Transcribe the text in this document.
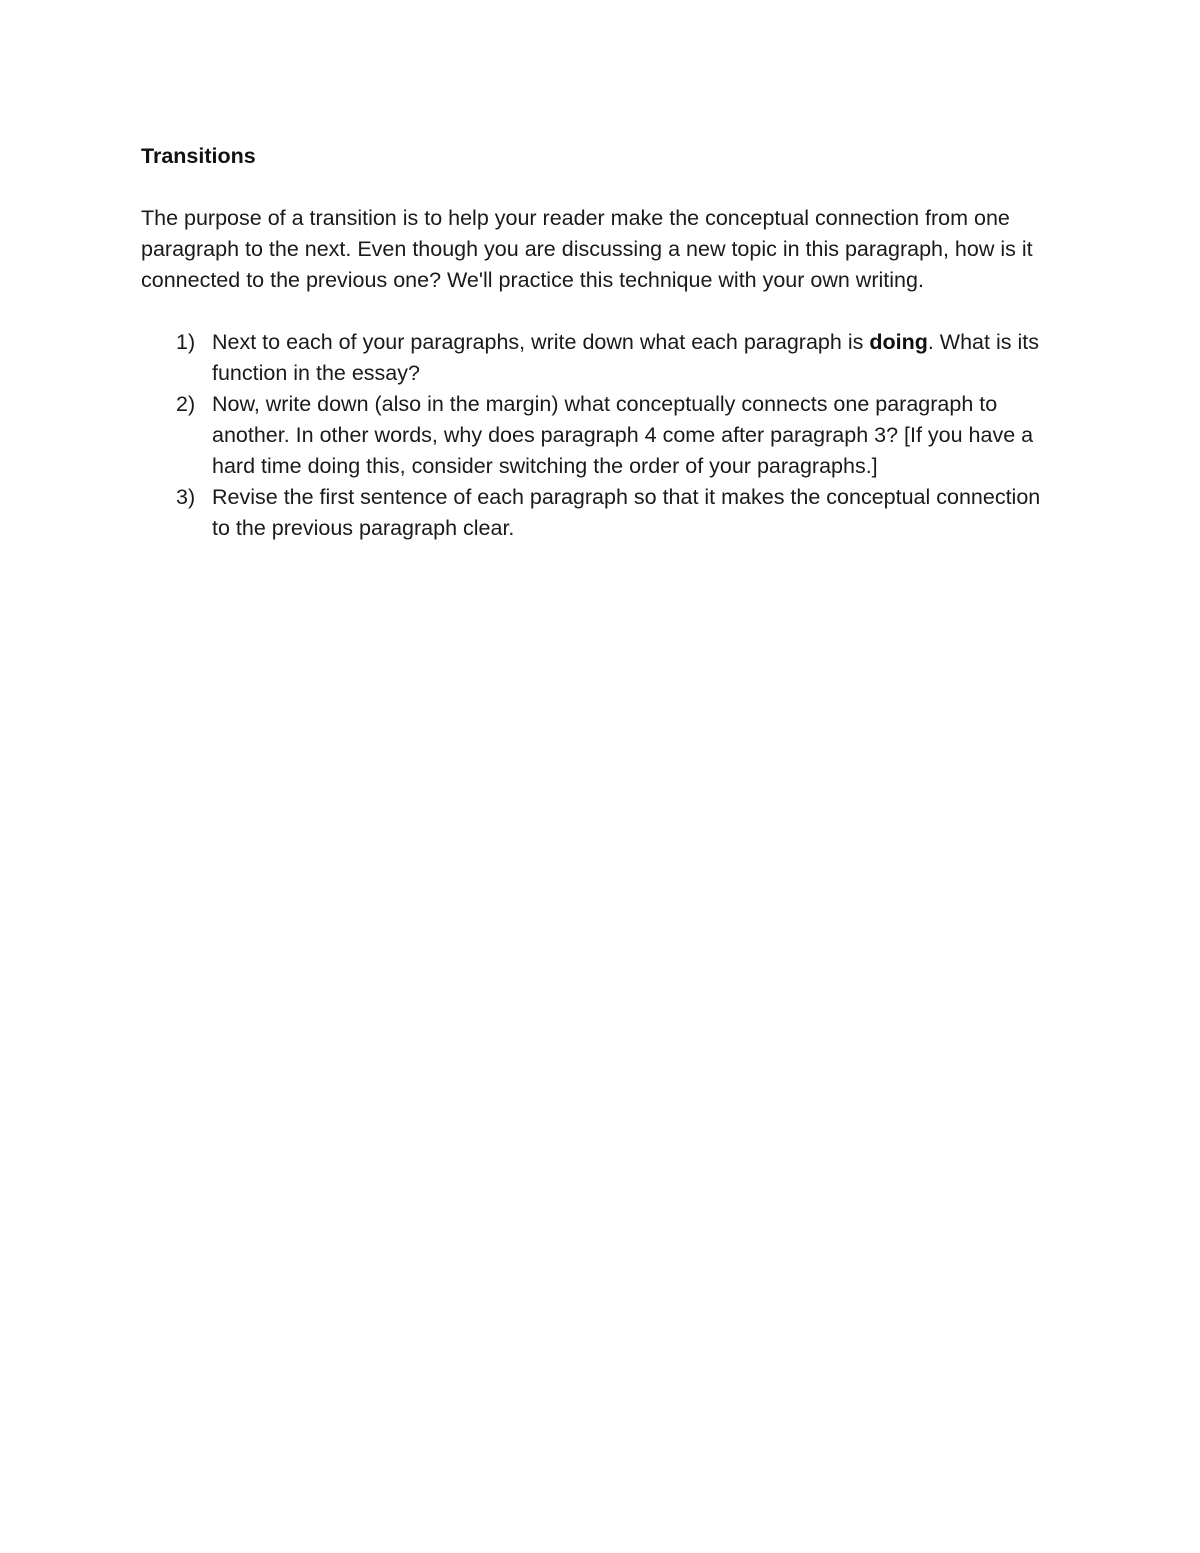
Transitions

The purpose of a transition is to help your reader make the conceptual connection from one paragraph to the next. Even though you are discussing a new topic in this paragraph, how is it connected to the previous one? We'll practice this technique with your own writing.

1) Next to each of your paragraphs, write down what each paragraph is doing. What is its function in the essay?
2) Now, write down (also in the margin) what conceptually connects one paragraph to another. In other words, why does paragraph 4 come after paragraph 3? [If you have a hard time doing this, consider switching the order of your paragraphs.]
3) Revise the first sentence of each paragraph so that it makes the conceptual connection to the previous paragraph clear.
